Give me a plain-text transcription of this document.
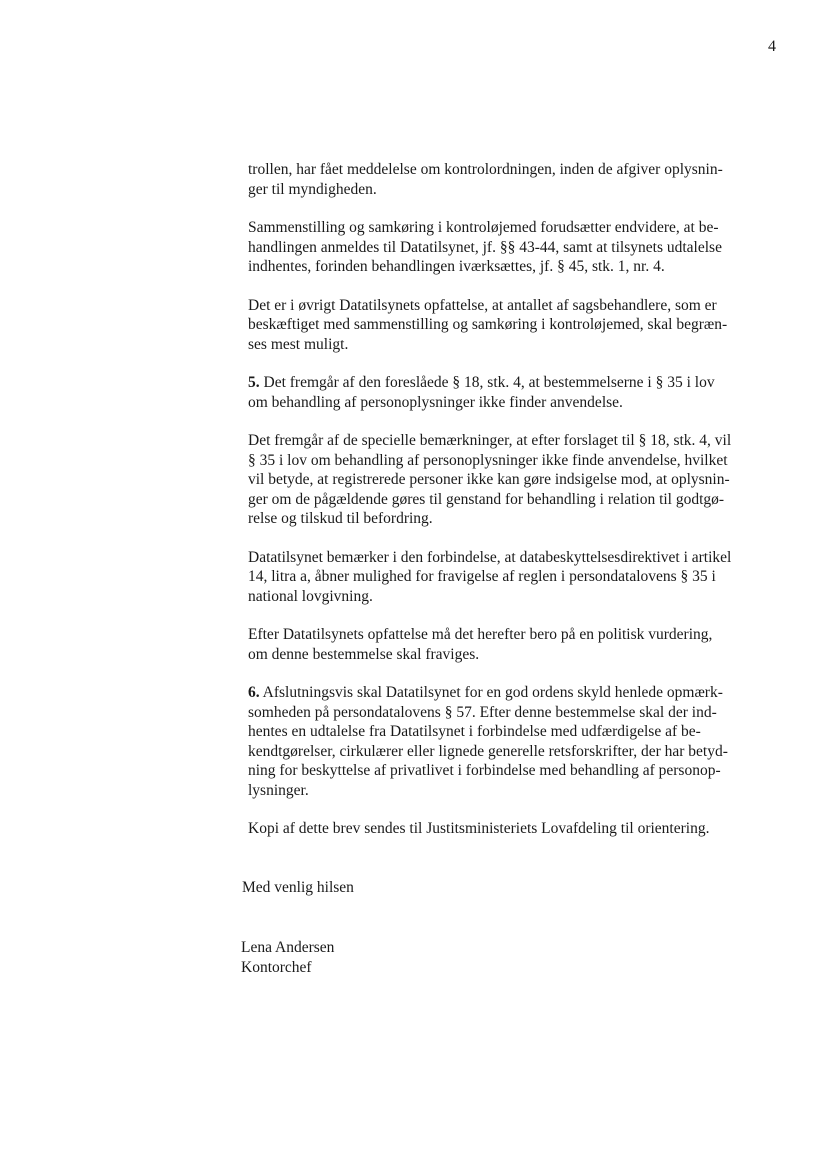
4

trollen, har fået meddelelse om kontrolordningen, inden de afgiver oplysnin-
ger til myndigheden.

Sammenstilling og samkøring i kontroløjemed forudsætter endvidere, at be-
handlingen anmeldes til Datatilsynet, jf. §§ 43-44, samt at tilsynets udtalelse
indhentes, forinden behandlingen iværksættes, jf. § 45, stk. 1, nr. 4.

Det er i øvrigt Datatilsynets opfattelse, at antallet af sagsbehandlere, som er
beskæftiget med sammenstilling og samkøring i kontroløjemed, skal begræn-
ses mest muligt.

5. Det fremgår af den foreslåede § 18, stk. 4, at bestemmelserne i § 35 i lov
om behandling af personoplysninger ikke finder anvendelse.

Det fremgår af de specielle bemærkninger, at efter forslaget til § 18, stk. 4, vil
§ 35 i lov om behandling af personoplysninger ikke finde anvendelse, hvilket
vil betyde, at registrerede personer ikke kan gøre indsigelse mod, at oplysnin-
ger om de pågældende gøres til genstand for behandling i relation til godtgø-
relse og tilskud til befordring.

Datatilsynet bemærker i den forbindelse, at databeskyttelsesdirektivet i artikel
14, litra a, åbner mulighed for fravigelse af reglen i persondatalovens § 35 i
national lovgivning.

Efter Datatilsynets opfattelse må det herefter bero på en politisk vurdering,
om denne bestemmelse skal fraviges.

6. Afslutningsvis skal Datatilsynet for en god ordens skyld henlede opmærk-
somheden på persondatalovens § 57. Efter denne bestemmelse skal der ind-
hentes en udtalelse fra Datatilsynet i forbindelse med udfærdigelse af be-
kendtgørelser, cirkulærer eller lignede generelle retsforskrifter, der har betyd-
ning for beskyttelse af privatlivet i forbindelse med behandling af personop-
lysninger.

Kopi af dette brev sendes til Justitsministeriets Lovafdeling til orientering.

Med venlig hilsen
Lena Andersen
Kontorchef
